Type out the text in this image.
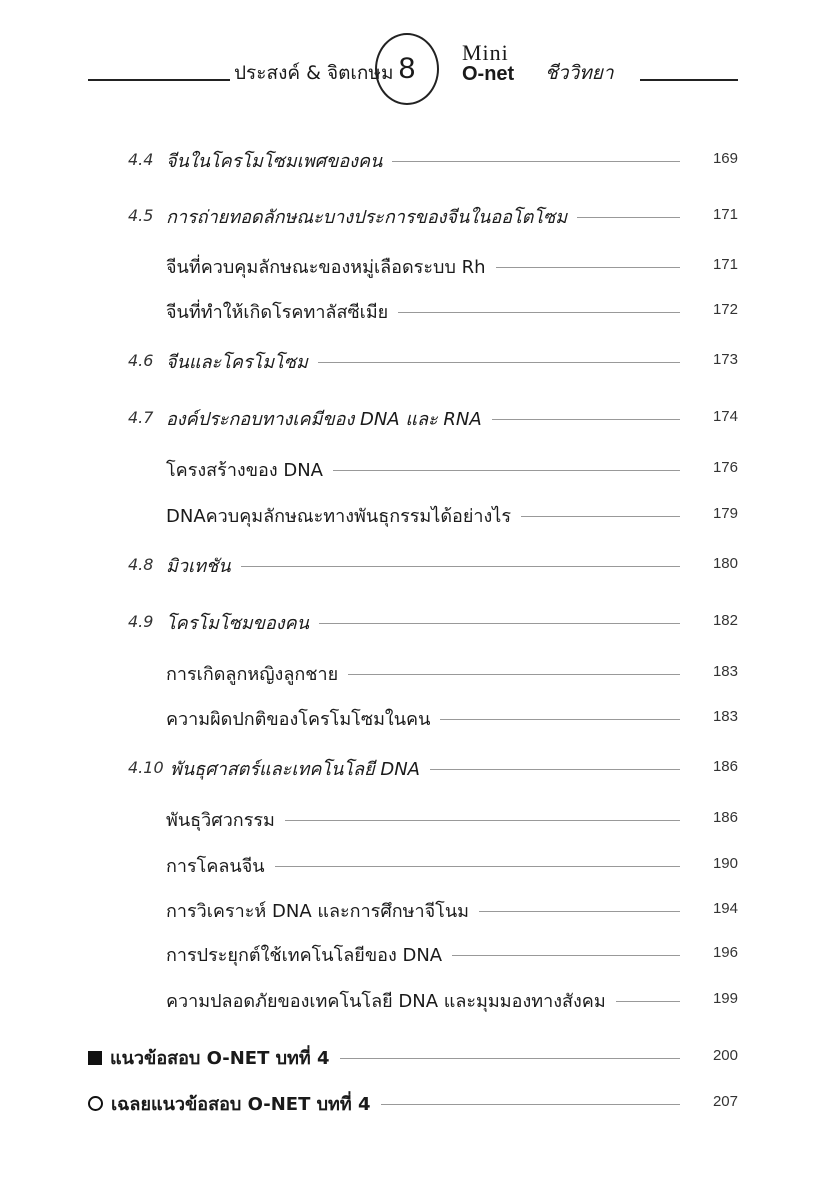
ประสงค์ & จิตเกษม 8 Mini
O-net ชีววิทยา
4.4 จีนในโครโมโซมเพศของคน	169
4.5 การถ่ายทอดลักษณะบางประการของจีนในออโตโซม	171
จีนที่ควบคุมลักษณะของหมู่เลือดระบบ Rh	171
จีนที่ทำให้เกิดโรคทาลัสซีเมีย	172
4.6 จีนและโครโมโซม	173
4.7 องค์ประกอบทางเคมีของ DNA และ RNA	174
โครงสร้างของ DNA	176
DNAควบคุมลักษณะทางพันธุกรรมได้อย่างไร	179
4.8 มิวเทชัน	180
4.9 โครโมโซมของคน	182
การเกิดลูกหญิงลูกชาย	183
ความผิดปกติของโครโมโซมในคน	183
4.10 พันธุศาสตร์และเทคโนโลยี DNA	186
พันธุวิศวกรรม	186
การโคลนจีน	190
การวิเคราะห์ DNA และการศึกษาจีโนม	194
การประยุกต์ใช้เทคโนโลยีของ DNA	196
ความปลอดภัยของเทคโนโลยี DNA และมุมมองทางสังคม	199
แนวข้อสอบ O-NET บทที่ 4	200
เฉลยแนวข้อสอบ O-NET บทที่ 4	207
